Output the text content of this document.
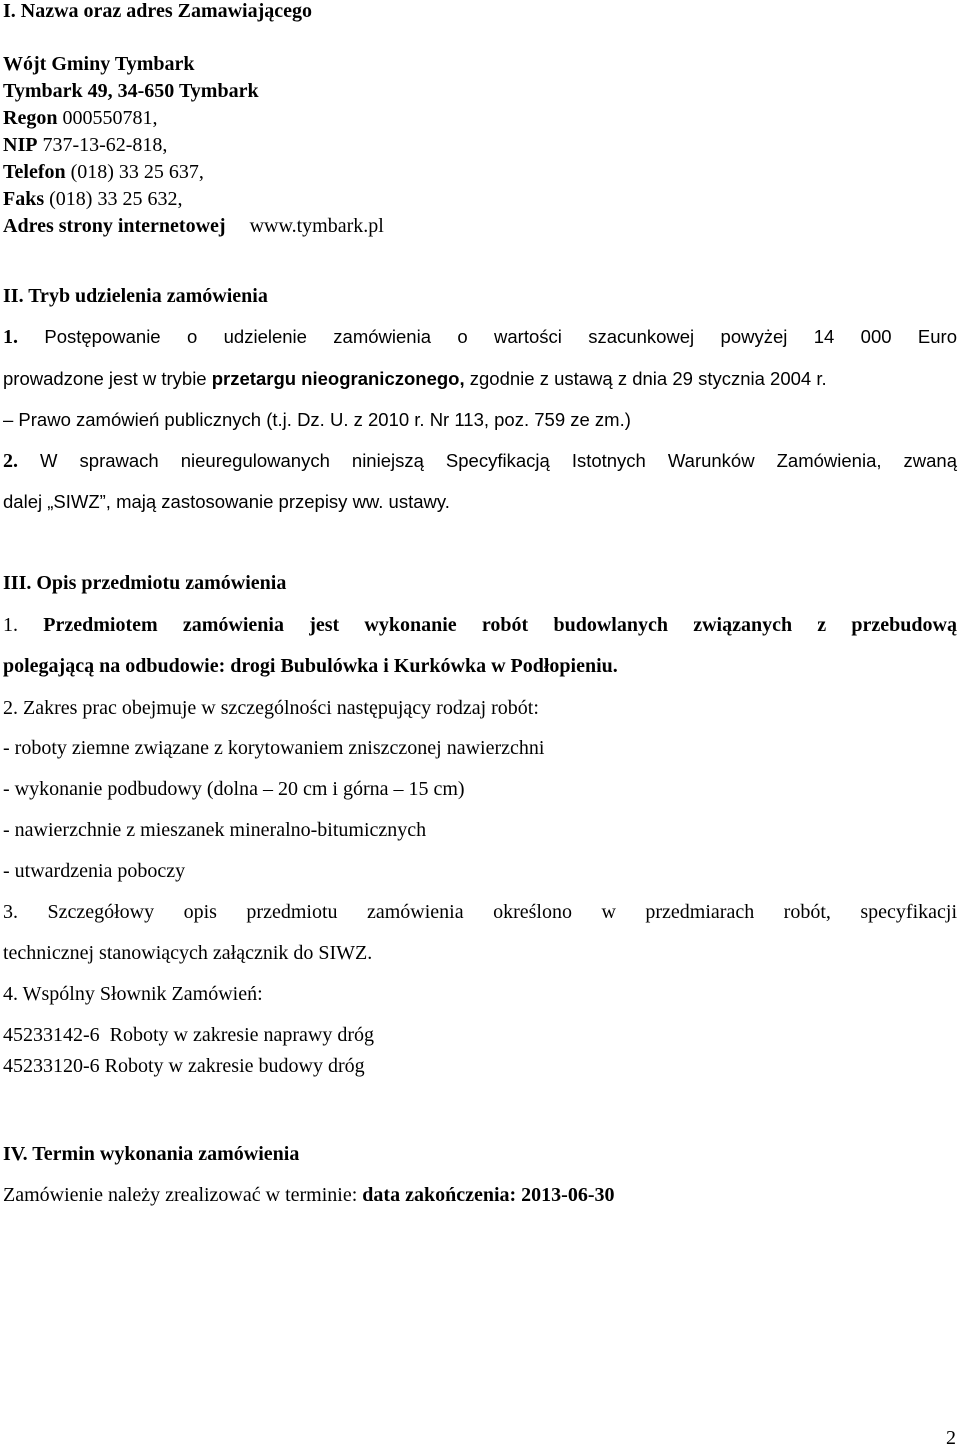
I. Nazwa oraz adres Zamawiającego
Wójt Gminy Tymbark
Tymbark 49, 34-650 Tymbark
Regon 000550781,
NIP 737-13-62-818,
Telefon (018) 33 25 637,
Faks (018) 33 25 632,
Adres strony internetowej www.tymbark.pl
II. Tryb udzielenia zamówienia
1. Postępowanie o udzielenie zamówienia o wartości szacunkowej powyżej 14 000 Euro
prowadzone jest w trybie przetargu nieograniczonego, zgodnie z ustawą z dnia 29 stycznia 2004 r.
– Prawo zamówień publicznych (t.j. Dz. U. z 2010 r. Nr 113, poz. 759 ze zm.)
2. W sprawach nieuregulowanych niniejszą Specyfikacją Istotnych Warunków Zamówienia, zwaną
dalej „SIWZ”, mają zastosowanie przepisy ww. ustawy.
III. Opis przedmiotu zamówienia
1. Przedmiotem zamówienia jest wykonanie robót budowlanych związanych z przebudową
polegającą na odbudowie: drogi Bubulówka i Kurkówka w Podłopieniu.
2. Zakres prac obejmuje w szczególności następujący rodzaj robót:
- roboty ziemne związane z korytowaniem zniszczonej nawierzchni
- wykonanie podbudowy (dolna – 20 cm i górna – 15 cm)
- nawierzchnie z mieszanek mineralno-bitumicznych
- utwardzenia poboczy
3. Szczegółowy opis przedmiotu zamówienia określono w przedmiarach robót, specyfikacji
technicznej stanowiących załącznik do SIWZ.
4. Wspólny Słownik Zamówień:
45233142-6  Roboty w zakresie naprawy dróg
45233120-6 Roboty w zakresie budowy dróg
IV. Termin wykonania zamówienia
Zamówienie należy zrealizować w terminie: data zakończenia: 2013-06-30
2
